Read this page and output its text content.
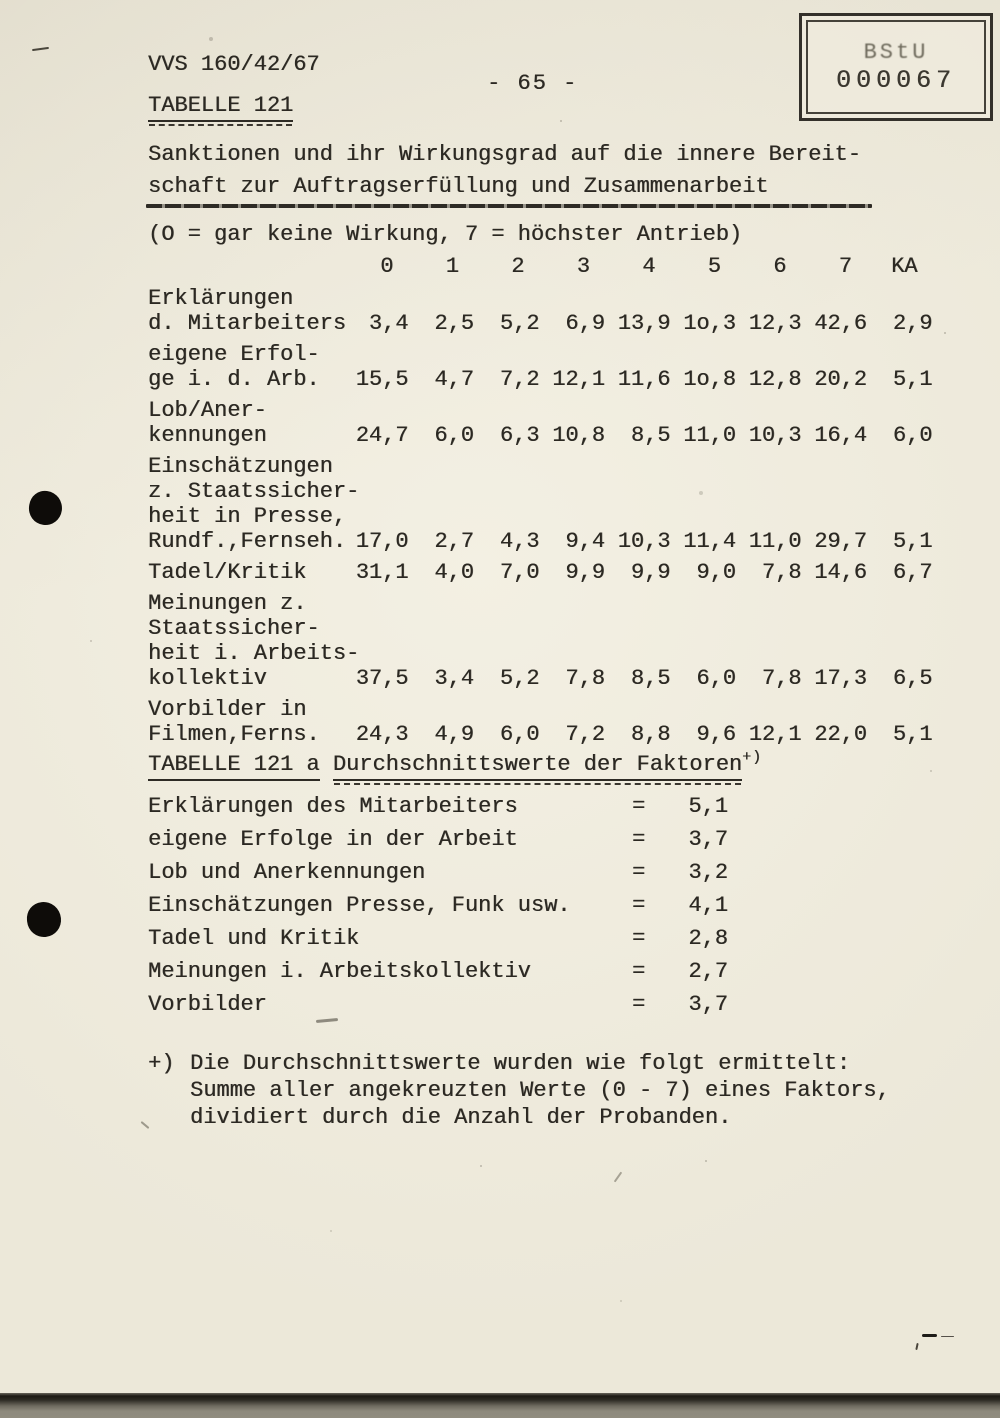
VVS 160/42/67
- 65 -
BStU
000067
TABELLE 121
Sanktionen und ihr Wirkungsgrad auf die innere Bereit-
schaft zur Auftragserfüllung und Zusammenarbeit
(O = gar keine Wirkung, 7 = höchster Antrieb)
0	1	2	3	4	5	6	7	KA
Erklärungen
d. Mitarbeiters	3,4	2,5	5,2	6,9 13,9 1o,3 12,3 42,6	2,9
eigene Erfol-
ge i. d. Arb.	15,5	4,7	7,2 12,1 11,6 1o,8 12,8 20,2	5,1
Lob/Aner-
kennungen	24,7	6,0	6,3 10,8	8,5 11,0 10,3 16,4	6,0
Einschätzungen
z. Staatssicher-
heit in Presse,
Rundf.,Fernseh. 17,0	2,7	4,3	9,4 10,3 11,4 11,0 29,7	5,1
Tadel/Kritik	31,1	4,0	7,0	9,9	9,9	9,0	7,8 14,6	6,7
Meinungen z.
Staatssicher-
heit i. Arbeits-
kollektiv	37,5	3,4	5,2	7,8	8,5	6,0	7,8 17,3	6,5
Vorbilder in
Filmen,Ferns.	24,3	4,9	6,0	7,2	8,8	9,6 12,1 22,0	5,1
TABELLE 121 a Durchschnittswerte der Faktoren+)
Erklärungen des Mitarbeiters	=	5,1
eigene Erfolge in der Arbeit	=	3,7
Lob und Anerkennungen	=	3,2
Einschätzungen Presse, Funk usw.	=	4,1
Tadel und Kritik	=	2,8
Meinungen i. Arbeitskollektiv	=	2,7
Vorbilder	=	3,7
+) Die Durchschnittswerte wurden wie folgt ermittelt:
Summe aller angekreuzten Werte (0 - 7) eines Faktors,
dividiert durch die Anzahl der Probanden.
